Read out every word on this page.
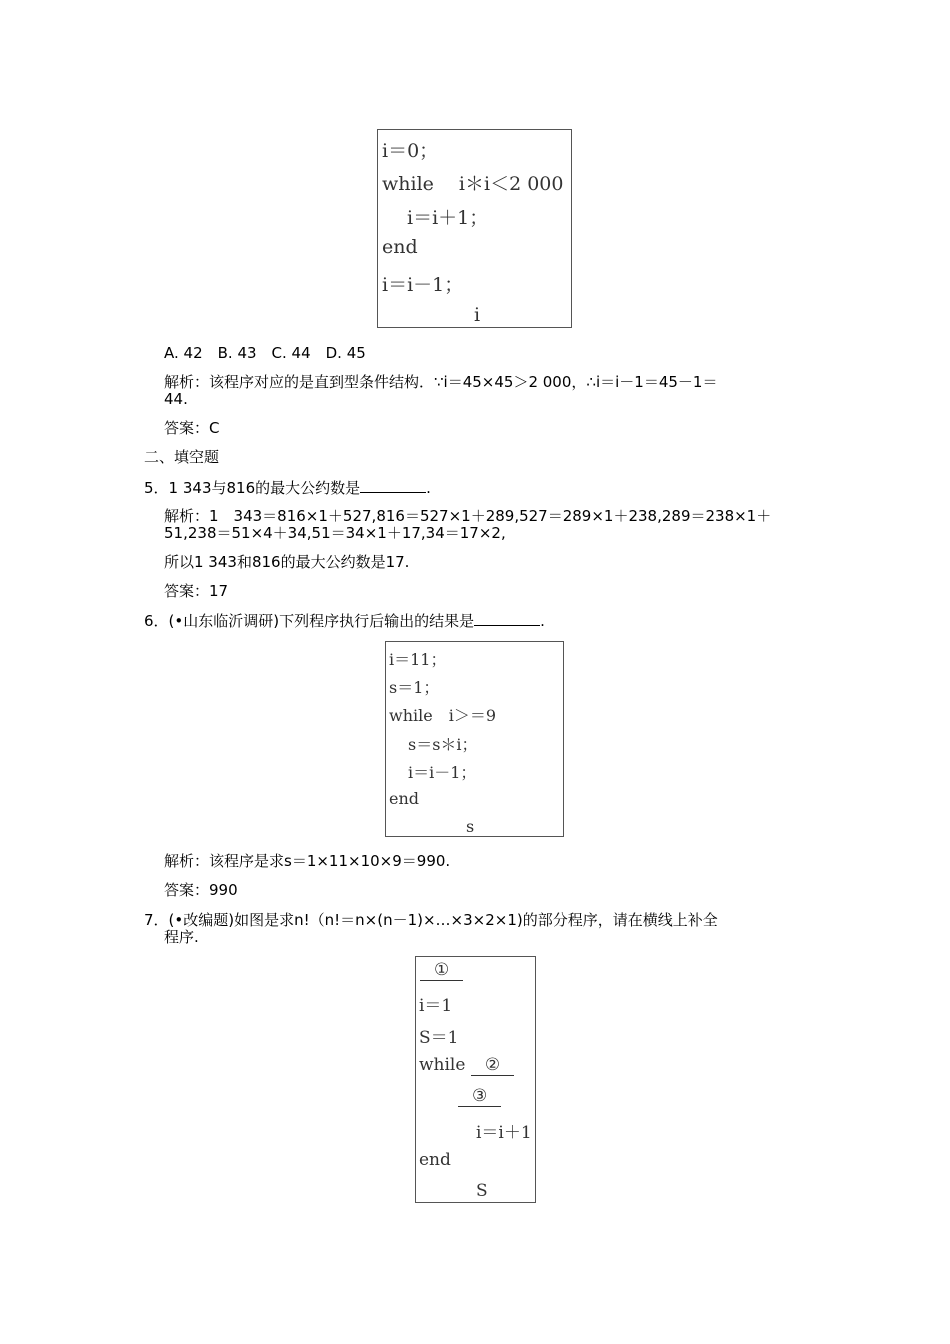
i＝0；
while　 i＊i＜2 000
　i＝i＋1；
end
i＝i－1；
i
A. 42　B. 43　C. 44　D. 45
解析：该程序对应的是直到型条件结构．∵i＝45×45＞2 000，∴i＝i－1＝45－1＝
44.
答案：C
二、填空题
5．1 343与816的最大公约数是	.
解析：1　343＝816×1＋527,816＝527×1＋289,527＝289×1＋238,289＝238×1＋
51,238＝51×4＋34,51＝34×1＋17,34＝17×2,
所以1 343和816的最大公约数是17.
答案：17
6．(•山东临沂调研)下列程序执行后输出的结果是	.
i＝11；
s＝1；
while　i＞＝9
　s＝s＊i；
　i＝i－1；
end
s
解析：该程序是求s＝1×11×10×9＝990.
答案：990
7．(•改编题)如图是求n!（n!＝n×(n－1)×…×3×2×1)的部分程序，请在横线上补全
程序.
①
i＝1
S＝1
while ②
③
i＝i＋1
end
S
